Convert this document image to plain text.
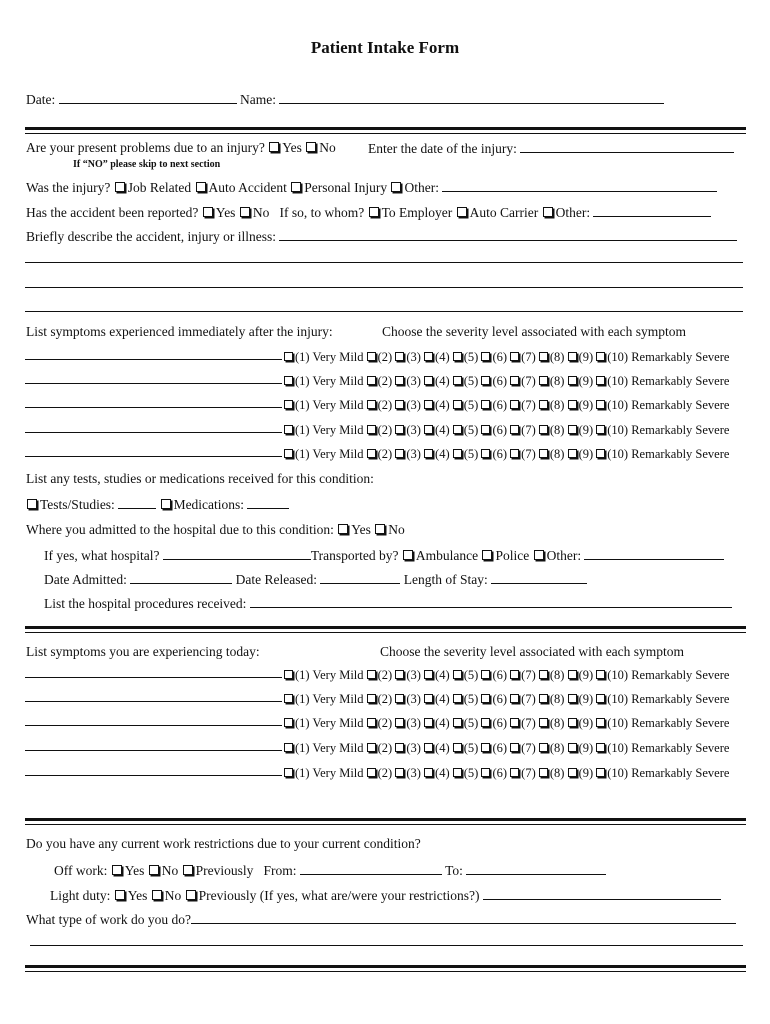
Patient Intake Form
Date:	Name:
Are your present problems due to an injury? Yes No Enter the date of the injury:
If “NO” please skip to next section
Was the injury? Job Related Auto Accident Personal Injury Other:
Has the accident been reported? Yes No If so, to whom? To Employer Auto Carrier Other:
Briefly describe the accident, injury or illness:
List symptoms experienced immediately after the injury:	Choose the severity level associated with each symptom
(1) Very Mild (2) (3) (4) (5) (6) (7) (8) (9) (10) Remarkably Severe
(1) Very Mild (2) (3) (4) (5) (6) (7) (8) (9) (10) Remarkably Severe
(1) Very Mild (2) (3) (4) (5) (6) (7) (8) (9) (10) Remarkably Severe
(1) Very Mild (2) (3) (4) (5) (6) (7) (8) (9) (10) Remarkably Severe
(1) Very Mild (2) (3) (4) (5) (6) (7) (8) (9) (10) Remarkably Severe
List any tests, studies or medications received for this condition:
Tests/Studies:	Medications:
Where you admitted to the hospital due to this condition: Yes No
If yes, what hospital?	Transported by? Ambulance Police Other:
Date Admitted:	Date Released:	Length of Stay:
List the hospital procedures received:
List symptoms you are experiencing today:	Choose the severity level associated with each symptom
(1) Very Mild (2) (3) (4) (5) (6) (7) (8) (9) (10) Remarkably Severe
(1) Very Mild (2) (3) (4) (5) (6) (7) (8) (9) (10) Remarkably Severe
(1) Very Mild (2) (3) (4) (5) (6) (7) (8) (9) (10) Remarkably Severe
(1) Very Mild (2) (3) (4) (5) (6) (7) (8) (9) (10) Remarkably Severe
(1) Very Mild (2) (3) (4) (5) (6) (7) (8) (9) (10) Remarkably Severe
Do you have any current work restrictions due to your current condition?
Off work: Yes No Previously From:	To:
Light duty: Yes No Previously (If yes, what are/were your restrictions?)
What type of work do you do?
